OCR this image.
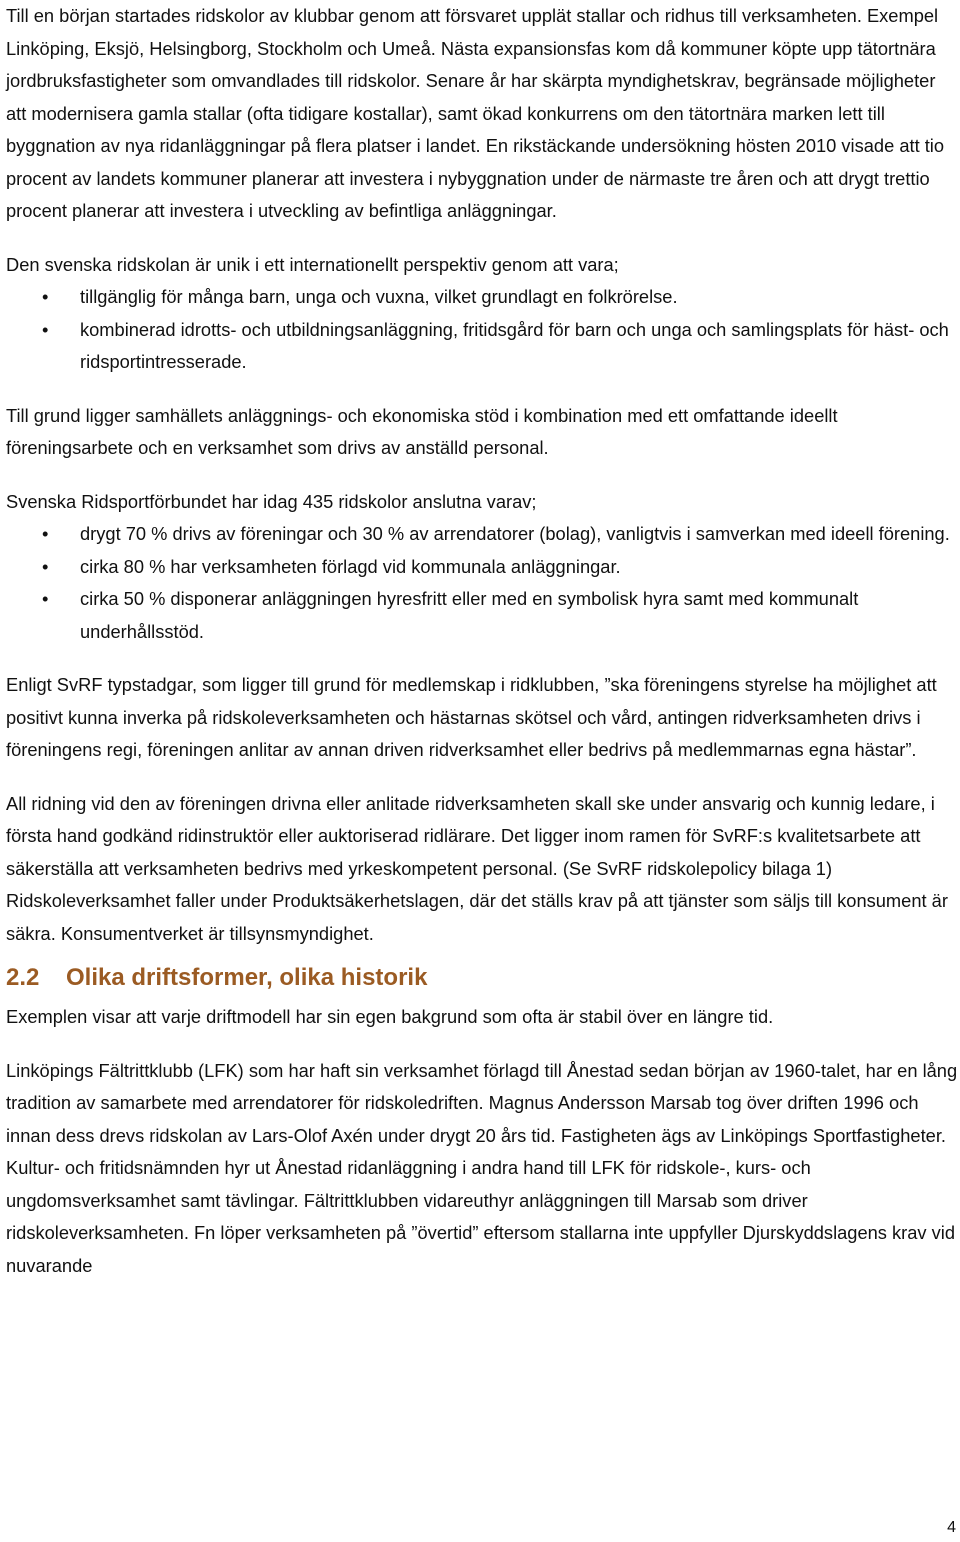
Till en början startades ridskolor av klubbar genom att försvaret upplät stallar och ridhus till verksamheten. Exempel Linköping, Eksjö, Helsingborg, Stockholm och Umeå. Nästa expansionsfas kom då kommuner köpte upp tätortnära jordbruksfastigheter som omvandlades till ridskolor. Senare år har skärpta myndighetskrav, begränsade möjligheter att modernisera gamla stallar (ofta tidigare kostallar), samt ökad konkurrens om den tätortnära marken lett till byggnation av nya ridanläggningar på flera platser i landet. En rikstäckande undersökning hösten 2010 visade att tio procent av landets kommuner planerar att investera i nybyggnation under de närmaste tre åren och att drygt trettio procent planerar att investera i utveckling av befintliga anläggningar.

Den svenska ridskolan är unik i ett internationellt perspektiv genom att vara;

• tillgänglig för många barn, unga och vuxna, vilket grundlagt en folkrörelse.
• kombinerad idrotts- och utbildningsanläggning, fritidsgård för barn och unga och samlingsplats för häst- och ridsportintresserade.

Till grund ligger samhällets anläggnings- och ekonomiska stöd i kombination med ett omfattande ideellt föreningsarbete och en verksamhet som drivs av anställd personal.

Svenska Ridsportförbundet har idag 435 ridskolor anslutna varav;

• drygt 70 % drivs av föreningar och 30 % av arrendatorer (bolag), vanligtvis i samverkan med ideell förening.
• cirka 80 % har verksamheten förlagd vid kommunala anläggningar.
• cirka 50 % disponerar anläggningen hyresfritt eller med en symbolisk hyra samt med kommunalt underhållsstöd.

Enligt SvRF typstadgar, som ligger till grund för medlemskap i ridklubben, ”ska föreningens styrelse ha möjlighet att positivt kunna inverka på ridskoleverksamheten och hästarnas skötsel och vård, antingen ridverksamheten drivs i föreningens regi, föreningen anlitar av annan driven ridverksamhet eller bedrivs på medlemmarnas egna hästar”.

All ridning vid den av föreningen drivna eller anlitade ridverksamheten skall ske under ansvarig och kunnig ledare, i första hand godkänd ridinstruktör eller auktoriserad ridlärare. Det ligger inom ramen för SvRF:s kvalitetsarbete att säkerställa att verksamheten bedrivs med yrkeskompetent personal. (Se SvRF ridskolepolicy bilaga 1) Ridskoleverksamhet faller under Produktsäkerhetslagen, där det ställs krav på att tjänster som säljs till konsument är säkra. Konsumentverket är tillsynsmyndighet.

2.2 Olika driftsformer, olika historik

Exemplen visar att varje driftmodell har sin egen bakgrund som ofta är stabil över en längre tid.

Linköpings Fältrittklubb (LFK) som har haft sin verksamhet förlagd till Ånestad sedan början av 1960-talet, har en lång tradition av samarbete med arrendatorer för ridskoledriften. Magnus Andersson Marsab tog över driften 1996 och innan dess drevs ridskolan av Lars-Olof Axén under drygt 20 års tid. Fastigheten ägs av Linköpings Sportfastigheter. Kultur- och fritidsnämnden hyr ut Ånestad ridanläggning i andra hand till LFK för ridskole-, kurs- och ungdomsverksamhet samt tävlingar. Fältrittklubben vidareuthyr anläggningen till Marsab som driver ridskoleverksamheten. Fn löper verksamheten på ”övertid” eftersom stallarna inte uppfyller Djurskyddslagens krav vid nuvarande

4
